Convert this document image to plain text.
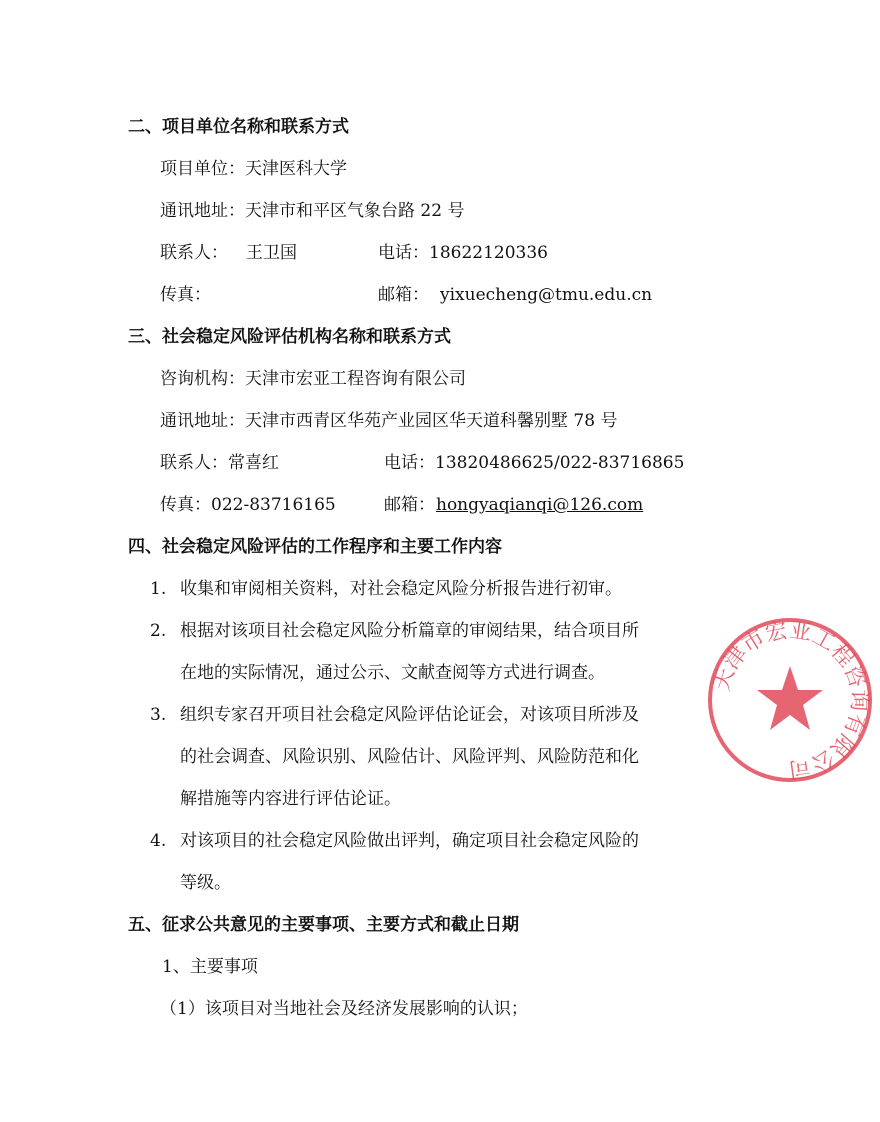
二、项目单位名称和联系方式
项目单位：天津医科大学
通讯地址：天津市和平区气象台路 22 号
联系人： 王卫国	电话：18622120336
传真：	邮箱： yixuecheng@tmu.edu.cn
三、社会稳定风险评估机构名称和联系方式
咨询机构：天津市宏亚工程咨询有限公司
通讯地址：天津市西青区华苑产业园区华天道科馨别墅 78 号
联系人：常喜红	电话：13820486625/022-83716865
传真：022-83716165	邮箱： hongyaqianqi@126.com
四、社会稳定风险评估的工作程序和主要工作内容
1. 收集和审阅相关资料，对社会稳定风险分析报告进行初审。
2. 根据对该项目社会稳定风险分析篇章的审阅结果，结合项目所
在地的实际情况，通过公示、文献查阅等方式进行调查。
3. 组织专家召开项目社会稳定风险评估论证会，对该项目所涉及
的社会调查、风险识别、风险估计、风险评判、风险防范和化
解措施等内容进行评估论证。
4. 对该项目的社会稳定风险做出评判，确定项目社会稳定风险的
等级。
五、征求公共意见的主要事项、主要方式和截止日期
1、主要事项
（1）该项目对当地社会及经济发展影响的认识；
天津市宏亚工程咨询有限公司
